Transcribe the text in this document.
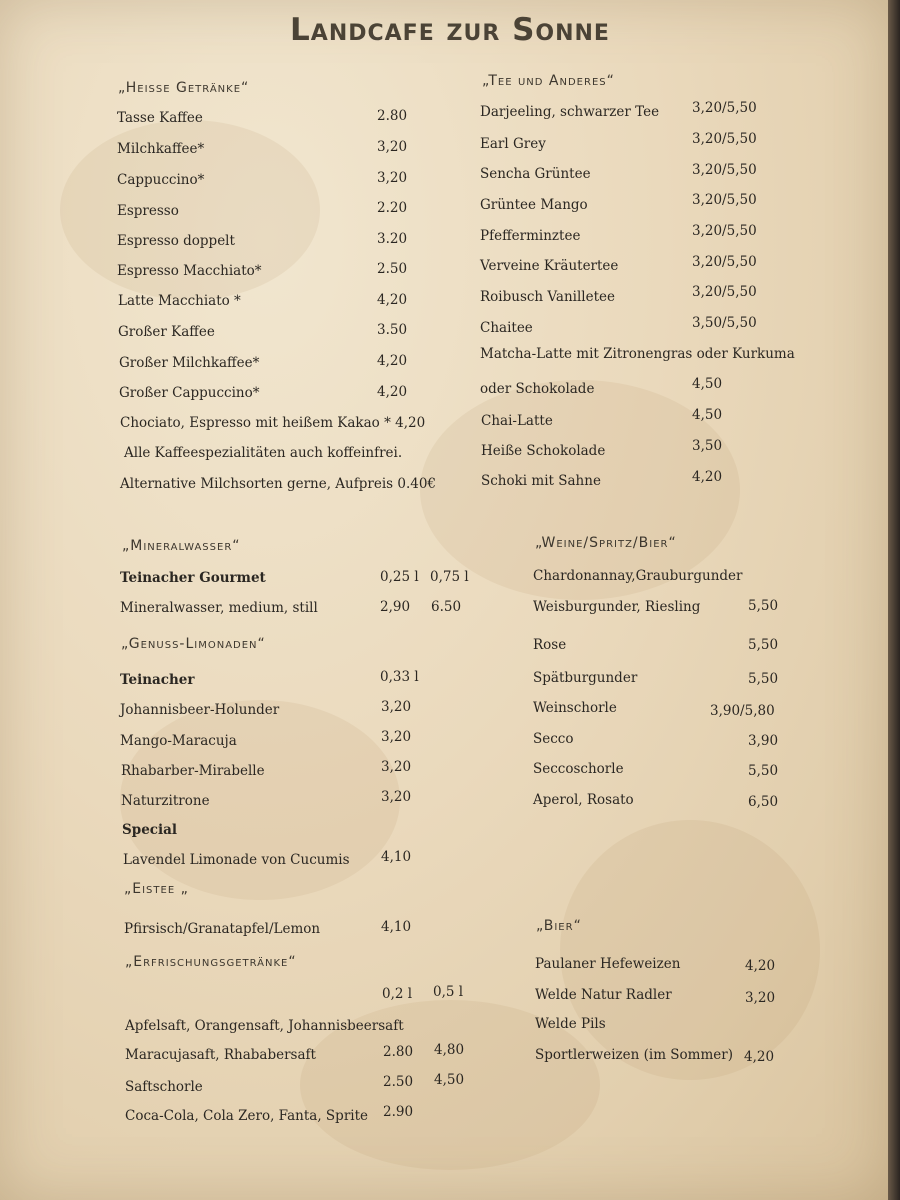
Landcafe zur Sonne
„Heisse Getränke“
Tasse Kaffee	2.80
Milchkaffee*	3,20
Cappuccino*	3,20
Espresso	2.20
Espresso doppelt	3.20
Espresso Macchiato*	2.50
Latte Macchiato *	4,20
Großer Kaffee	3.50
Großer Milchkaffee*	4,20
Großer Cappuccino*	4,20
Chociato, Espresso mit heißem Kakao * 4,20
Alle Kaffeespezialitäten auch koffeinfrei.
Alternative Milchsorten gerne, Aufpreis 0.40€
„Tee und Anderes“
Darjeeling, schwarzer Tee 3,20/5,50
Earl Grey	3,20/5,50
Sencha Grüntee	3,20/5,50
Grüntee Mango	3,20/5,50
Pfefferminztee	3,20/5,50
Verveine Kräutertee	3,20/5,50
Roibusch Vanilletee	3,20/5,50
Chaitee	3,50/5,50
Matcha-Latte mit Zitronengras oder Kurkuma
oder Schokolade	4,50
Chai-Latte	4,50
Heiße Schokolade	3,50
Schoki mit Sahne	4,20
„Mineralwasser“
Teinacher Gourmet	0,25 l 0,75 l
Mineralwasser, medium, still	2,90 6.50
„Genuss-Limonaden“
Teinacher	0,33 l
Johannisbeer-Holunder	3,20
Mango-Maracuja	3,20
Rhabarber-Mirabelle	3,20
Naturzitrone	3,20
Special
Lavendel Limonade von Cucumis 4,10
„Eistee „
Pfirsisch/Granatapfel/Lemon	4,10
„Erfrischungsgetränke“
0,2 l 0,5 l
Apfelsaft, Orangensaft, Johannisbeersaft
Maracujasaft, Rhababersaft	2.80 4,80
Saftschorle	2.50 4,50
Coca-Cola, Cola Zero, Fanta, Sprite 2.90
„Weine/Spritz/Bier“
Chardonannay,Grauburgunder
Weisburgunder, Riesling	5,50
Rose	5,50
Spätburgunder	5,50
Weinschorle	3,90/5,80
Secco	3,90
Seccoschorle	5,50
Aperol, Rosato	6,50
„Bier“
Paulaner Hefeweizen	4,20
Welde Natur Radler	3,20
Welde Pils
Sportlerweizen (im Sommer) 4,20
